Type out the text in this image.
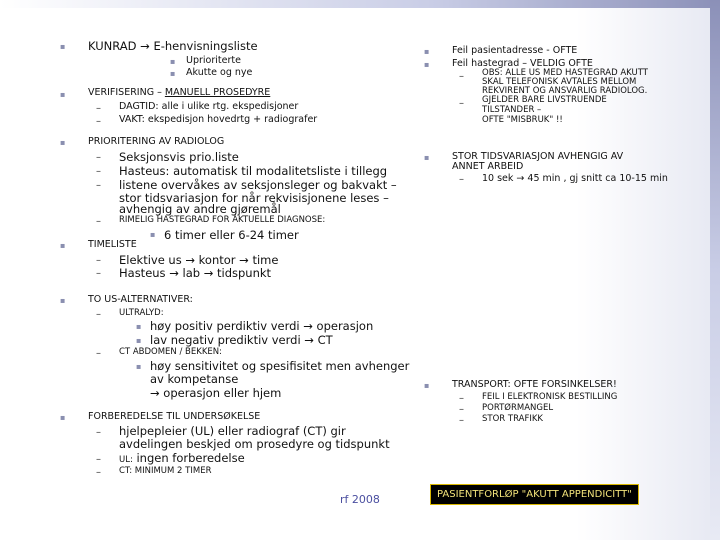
▪ KUNRAD → E-henvisningsliste
▪ Uprioriterte
▪ Akutte og nye
▪ VERIFISERING – MANUELL PROSEDYRE
– DAGTID: alle i ulike rtg. ekspedisjoner
– VAKT: ekspedisjon hovedrtg + radiografer
▪ PRIORITERING AV RADIOLOG
– Seksjonsvis prio.liste
– Hasteus: automatisk til modalitetsliste i tillegg
– listene overvåkes av seksjonsleger og bakvakt –
stor tidsvariasjon for når rekvisisjonene leses –
avhengig av andre gjøremål
– RIMELIG HASTEGRAD FOR AKTUELLE DIAGNOSE:
▪ 6 timer eller 6-24 timer
▪ TIMELISTE
– Elektive us → kontor → time
– Hasteus → lab → tidspunkt
▪ TO US-ALTERNATIVER:
– ULTRALYD:
▪ høy positiv perdiktiv verdi → operasjon
▪ lav negativ prediktiv verdi → CT
– CT ABDOMEN / BEKKEN:
▪ høy sensitivitet og spesifisitet men avhenger
av kompetanse
→ operasjon eller hjem
▪ FORBEREDELSE TIL UNDERSØKELSE
– hjelpepleier (UL) eller radiograf (CT) gir
avdelingen beskjed om prosedyre og tidspunkt
– UL: ingen forberedelse
– CT: MINIMUM 2 TIMER
▪ Feil pasientadresse - OFTE
▪ Feil hastegrad – VELDIG OFTE
– OBS: ALLE US MED HASTEGRAD AKUTT
SKAL TELEFONISK AVTALES MELLOM
REKVIRENT OG ANSVARLIG RADIOLOG.
– GJELDER BARE LIVSTRUENDE
TILSTANDER –
OFTE "MISBRUK" !!
▪ STOR TIDSVARIASJON AVHENGIG AV
ANNET ARBEID
– 10 sek → 45 min , gj snitt ca 10-15 min
▪ TRANSPORT: OFTE FORSINKELSER!
– FEIL I ELEKTRONISK BESTILLING
– PORTØRMANGEL
– STOR TRAFIKK
rf 2008	PASIENTFORLØP "AKUTT APPENDICITT"
